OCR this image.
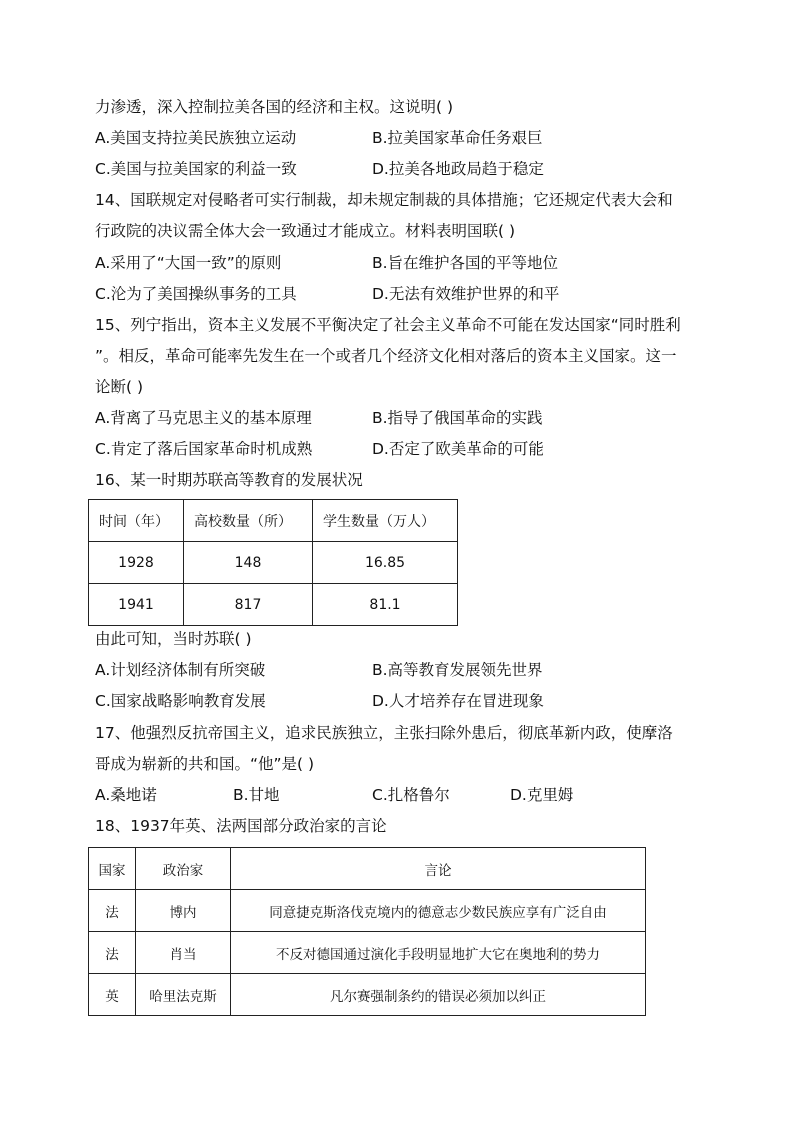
力渗透，深入控制拉美各国的经济和主权。这说明( )
A.美国支持拉美民族独立运动	B.拉美国家革命任务艰巨
C.美国与拉美国家的利益一致	D.拉美各地政局趋于稳定
14、国联规定对侵略者可实行制裁，却未规定制裁的具体措施；它还规定代表大会和
行政院的决议需全体大会一致通过才能成立。材料表明国联( )
A.采用了“大国一致”的原则	B.旨在维护各国的平等地位
C.沦为了美国操纵事务的工具	D.无法有效维护世界的和平
15、列宁指出，资本主义发展不平衡决定了社会主义革命不可能在发达国家“同时胜利
”。相反，革命可能率先发生在一个或者几个经济文化相对落后的资本主义国家。这一
论断( )
A.背离了马克思主义的基本原理	B.指导了俄国革命的实践
C.肯定了落后国家革命时机成熟	D.否定了欧美革命的可能
16、某一时期苏联高等教育的发展状况
时间（年）	高校数量（所）	学生数量（万人）
1928	148	16.85
1941	817	81.1
由此可知，当时苏联( )
A.计划经济体制有所突破	B.高等教育发展领先世界
C.国家战略影响教育发展	D.人才培养存在冒进现象
17、他强烈反抗帝国主义，追求民族独立，主张扫除外患后，彻底革新内政，使摩洛
哥成为崭新的共和国。“他”是( )
A.桑地诺	B.甘地	C.扎格鲁尔	D.克里姆
18、1937年英、法两国部分政治家的言论
国家	政治家	言论
法	博内	同意捷克斯洛伐克境内的德意志少数民族应享有广泛自由
法	肖当	不反对德国通过演化手段明显地扩大它在奥地利的势力
英	哈里法克斯	凡尔赛强制条约的错误必须加以纠正
